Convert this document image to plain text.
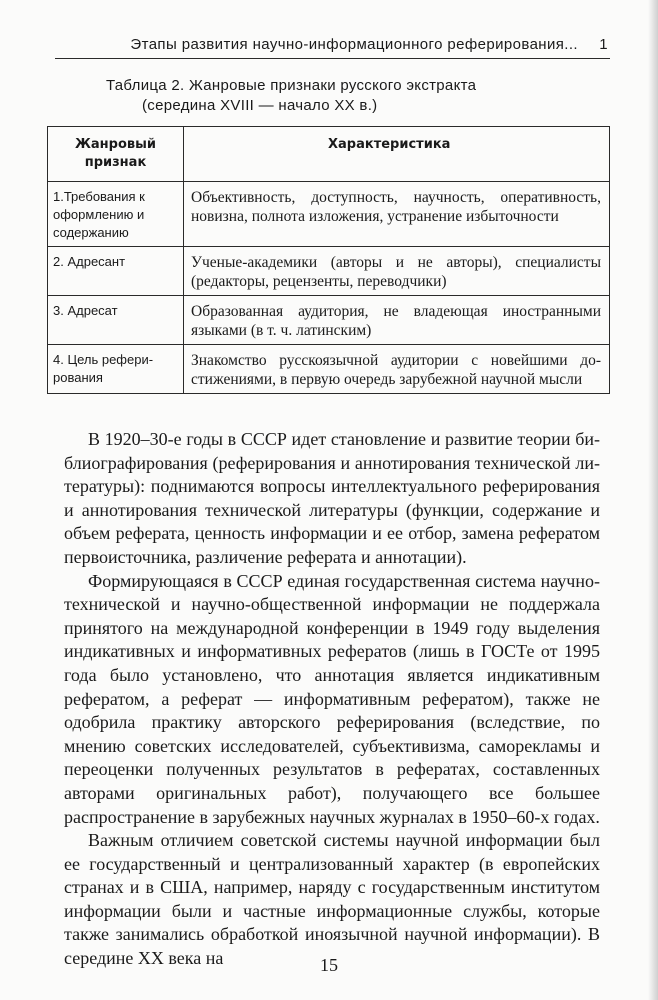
Этапы развития научно-информационного реферирования... 1
Таблица 2. Жанровые признаки русского экстракта
(середина XVIII — начало XX в.)
Жанровый признак	Характеристика

1.Требования к оформлению и содержанию	Объективность, доступность, научность, оперативность, новизна, полнота изложения, устранение избыточности

2. Адресант	Ученые-академики (авторы и не авторы), специалисты (редакторы, рецензенты, переводчики)

3. Адресат	Образованная аудитория, не владеющая иностранными языками (в т. ч. латинским)

4. Цель реферирования	Знакомство русскоязычной аудитории с новейшими достижениями, в первую очередь зарубежной научной мысли

В 1920–30-е годы в СССР идет становление и развитие теории библиографирования (реферирования и аннотирования технической литературы): поднимаются вопросы интеллектуального реферирования и аннотирования технической литературы (функции, содержание и объем реферата, ценность информации и ее отбор, замена рефератом первоисточника, различение реферата и аннотации).

Формирующаяся в СССР единая государственная система научно-технической и научно-общественной информации не поддержала принятого на международной конференции в 1949 году выделения индикативных и информативных рефератов (лишь в ГОСТе от 1995 года было установлено, что аннотация является индикативным рефератом, а реферат — информативным рефератом), также не одобрила практику авторского реферирования (вследствие, по мнению советских исследователей, субъективизма, саморекламы и переоценки полученных результатов в рефератах, составленных авторами оригинальных работ), получающего все большее распространение в зарубежных научных журналах в 1950–60-х годах.

Важным отличием советской системы научной информации был ее государственный и централизованный характер (в европейских странах и в США, например, наряду с государственным институтом информации были и частные информационные службы, которые также занимались обработкой иноязычной научной информации). В середине XX века на	15
